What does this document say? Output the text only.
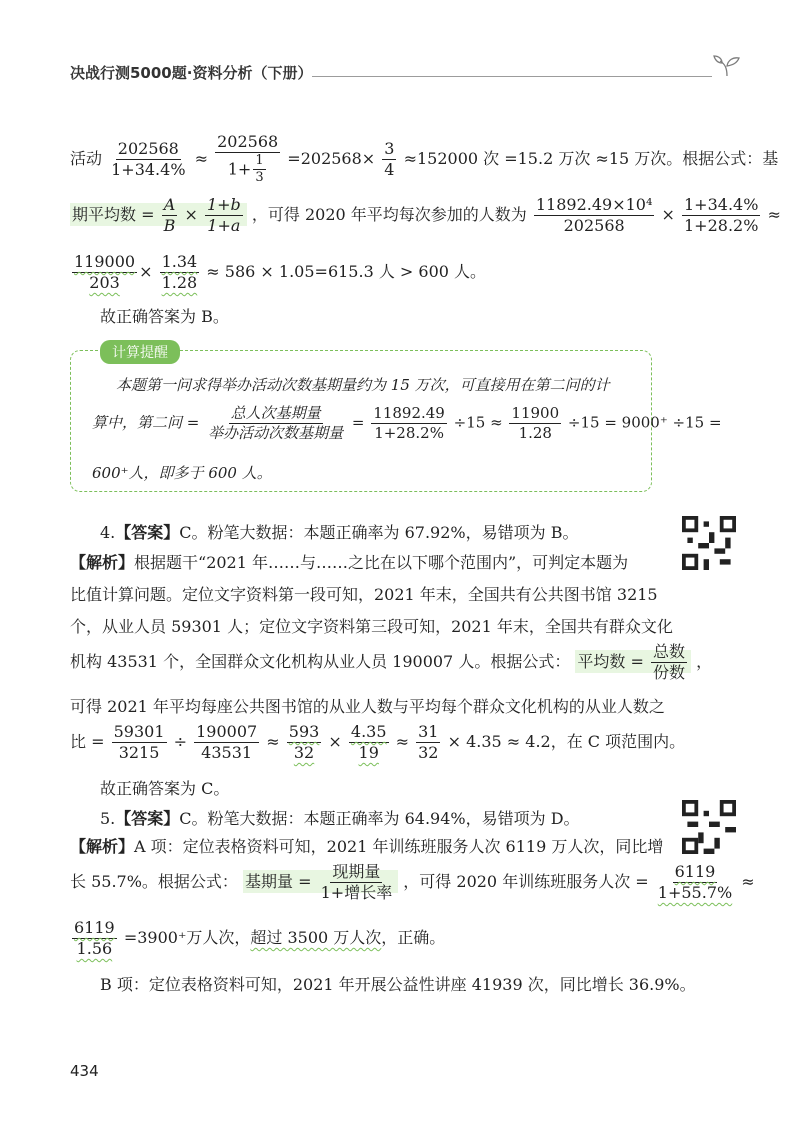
决战行测5000题·资料分析（下册）
活动 $\frac{202568}{1+34.4\%} \approx \frac{202568}{1+ \frac{1}{3}} =202568\times \frac{3}{4} \approx 152000$ 次 =15.2 万次 ≈15 万次。根据公式：基
期平均数 = $\frac{A}{B} \times \frac{1+b}{1+a}$ ，可得 2020 年平均每次参加的人数为 $\frac{\text{11892.49×10⁴}}{202568} \times \frac{1+34.4\%}{1+28.2\%}$ ≈
$\frac{119000}{203} \times \frac{1.34}{1.28} \approx 586 \times 1.05=615.3$ 人 > 600 人。
故正确答案为 B。
计算提醒
本题第一问求得举办活动次数基期量约为 15 万次，可直接用在第二问的计
算中，第二问 = $\frac{\text{总人次基期量}}{\text{举办活动次数基期量}} = \frac{11892.49}{1+28.2\%} \div 15 \approx \frac{11900}{1.28} \div 15 = 9000^+ \div 15$ =
600⁺人，即多于 600 人。
4.【答案】C。粉笔大数据：本题正确率为 67.92%，易错项为 B。
【解析】根据题干“2021 年……与……之比在以下哪个范围内”，可判定本题为
比值计算问题。定位文字资料第一段可知，2021 年末，全国共有公共图书馆 3215
个，从业人员 59301 人；定位文字资料第三段可知，2021 年末，全国共有群众文化
机构 43531 个，全国群众文化机构从业人员 190007 人。根据公式： 平均数 = $\frac{\text{总数}}{\text{份数}}$ ，
可得 2021 年平均每座公共图书馆的从业人数与平均每个群众文化机构的从业人数之
比 = $\frac{59301}{3215} \div \frac{190007}{43531} \approx \frac{593}{32} \times \frac{4.35}{19} \approx \frac{31}{32} \times 4.35 \approx 4.2$，在 C 项范围内。
故正确答案为 C。
5.【答案】C。粉笔大数据：本题正确率为 64.94%，易错项为 D。
【解析】A 项：定位表格资料可知，2021 年训练班服务人次 6119 万人次，同比增
长 55.7%。根据公式： 基期量 = $\frac{\text{现期量}}{\text{1+增长率}}$ ，可得 2020 年训练班服务人次 = $\frac{6119}{1+55.7\%}$ ≈
$\frac{6119}{1.56} =3900^+$万人次，超过 3500 万人次，正确。
B 项：定位表格资料可知，2021 年开展公益性讲座 41939 次，同比增长 36.9%。
434
